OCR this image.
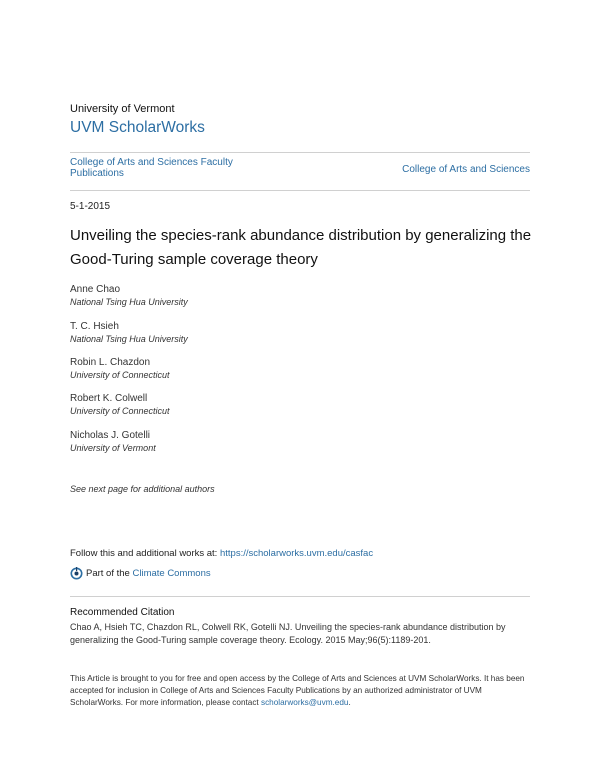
University of Vermont
UVM ScholarWorks
College of Arts and Sciences Faculty Publications	College of Arts and Sciences
5-1-2015
Unveiling the species-rank abundance distribution by generalizing the Good-Turing sample coverage theory
Anne Chao
National Tsing Hua University
T. C. Hsieh
National Tsing Hua University
Robin L. Chazdon
University of Connecticut
Robert K. Colwell
University of Connecticut
Nicholas J. Gotelli
University of Vermont
See next page for additional authors
Follow this and additional works at: https://scholarworks.uvm.edu/casfac
Part of the
Climate Commons
Recommended Citation
Chao A, Hsieh TC, Chazdon RL, Colwell RK, Gotelli NJ. Unveiling the species-rank abundance distribution by generalizing the Good-Turing sample coverage theory. Ecology. 2015 May;96(5):1189-201.
This Article is brought to you for free and open access by the College of Arts and Sciences at UVM ScholarWorks. It has been accepted for inclusion in College of Arts and Sciences Faculty Publications by an authorized administrator of UVM ScholarWorks. For more information, please contact scholarworks@uvm.edu.
